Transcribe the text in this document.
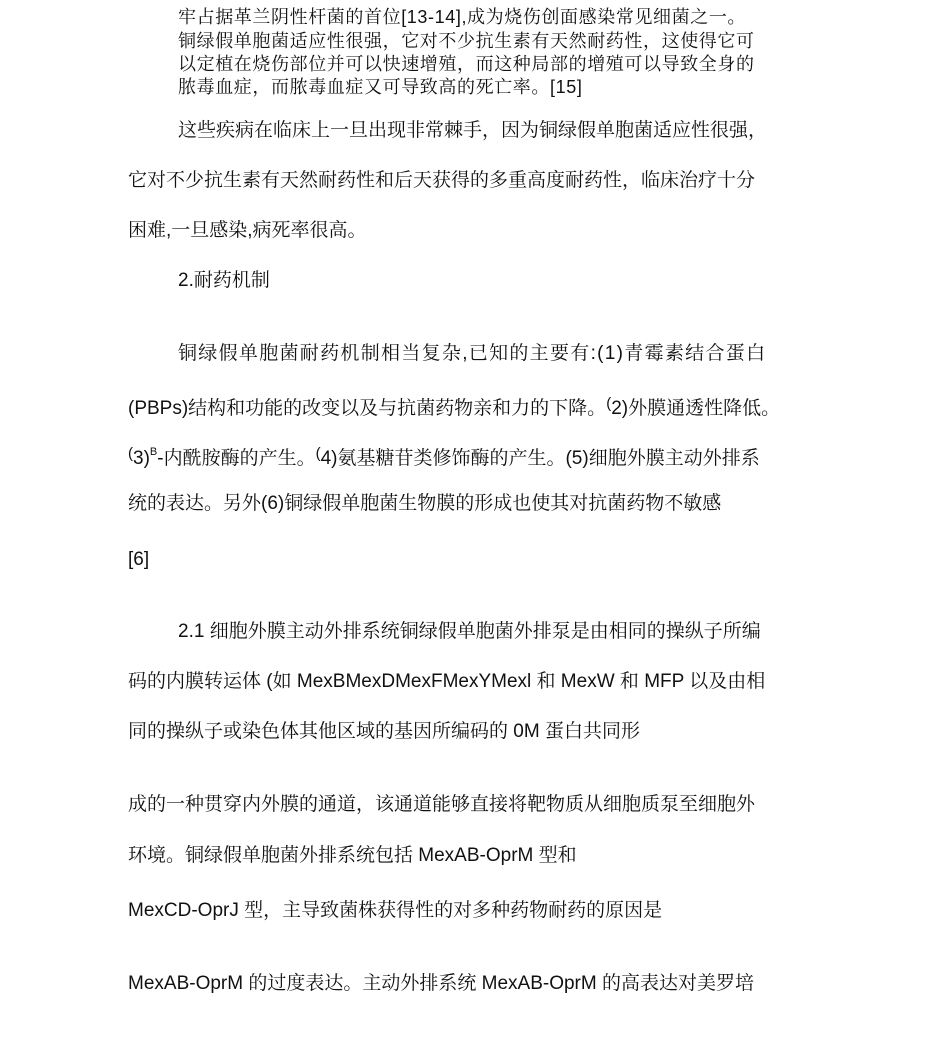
牢占据革兰阴性杆菌的首位[13-14],成为烧伤创面感染常见细菌之一。
铜绿假单胞菌适应性很强，它对不少抗生素有天然耐药性，这使得它可
以定植在烧伤部位并可以快速增殖，而这种局部的增殖可以导致全身的
脓毒血症，而脓毒血症又可导致高的死亡率。[15]
这些疾病在临床上一旦出现非常棘手，因为铜绿假单胞菌适应性很强，
它对不少抗生素有天然耐药性和后天获得的多重高度耐药性，临床治疗十分
困难,一旦感染,病死率很高。
2.耐药机制
铜绿假单胞菌耐药机制相当复杂,已知的主要有:(1)青霉素结合蛋白
(PBPs)结构和功能的改变以及与抗菌药物亲和力的下降。(2)外膜通透性降低。
(3)$^B$-内酰胺酶的产生。(4)氨基糖苷类修饰酶的产生。(5)细胞外膜主动外排系
统的表达。另外(6)铜绿假单胞菌生物膜的形成也使其对抗菌药物不敏感
[6]
2.1 细胞外膜主动外排系统铜绿假单胞菌外排泵是由相同的操纵子所编
码的内膜转运体 (如 MexBMexDMexFMexYMexl 和 MexW 和 MFP 以及由相
同的操纵子或染色体其他区域的基因所编码的 0M 蛋白共同形
成的一种贯穿内外膜的通道，该通道能够直接将靶物质从细胞质泵至细胞外
环境。铜绿假单胞菌外排系统包括 MexAB-OprM 型和
MexCD-OprJ 型，主导致菌株获得性的对多种药物耐药的原因是
MexAB-OprM 的过度表达。主动外排系统 MexAB-OprM 的高表达对美罗培
